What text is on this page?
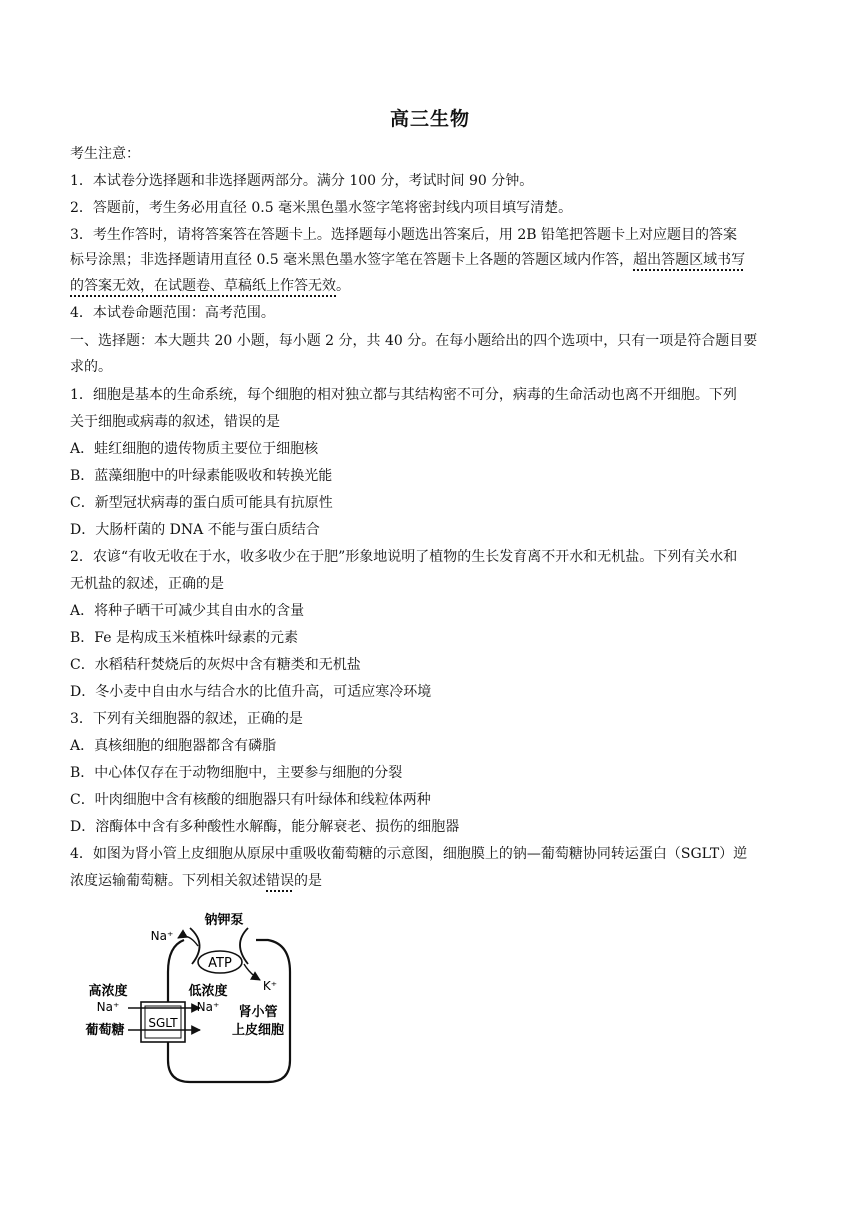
高三生物
考生注意：
1．本试卷分选择题和非选择题两部分。满分 100 分，考试时间 90 分钟。
2．答题前，考生务必用直径 0.5 毫米黑色墨水签字笔将密封线内项目填写清楚。
3．考生作答时，请将答案答在答题卡上。选择题每小题选出答案后，用 2B 铅笔把答题卡上对应题目的答案
标号涂黑；非选择题请用直径 0.5 毫米黑色墨水签字笔在答题卡上各题的答题区域内作答，超出答题区域书写
的答案无效，在试题卷、草稿纸上作答无效。
4．本试卷命题范围：高考范围。
一、选择题：本大题共 20 小题，每小题 2 分，共 40 分。在每小题给出的四个选项中，只有一项是符合题目要
求的。
1．细胞是基本的生命系统，每个细胞的相对独立都与其结构密不可分，病毒的生命活动也离不开细胞。下列
关于细胞或病毒的叙述，错误的是
A．蛙红细胞的遗传物质主要位于细胞核
B．蓝藻细胞中的叶绿素能吸收和转换光能
C．新型冠状病毒的蛋白质可能具有抗原性
D．大肠杆菌的 DNA 不能与蛋白质结合
2．农谚“有收无收在于水，收多收少在于肥”形象地说明了植物的生长发育离不开水和无机盐。下列有关水和
无机盐的叙述，正确的是
A．将种子晒干可减少其自由水的含量
B．Fe 是构成玉米植株叶绿素的元素
C．水稻秸秆焚烧后的灰烬中含有糖类和无机盐
D．冬小麦中自由水与结合水的比值升高，可适应寒冷环境
3．下列有关细胞器的叙述，正确的是
A．真核细胞的细胞器都含有磷脂
B．中心体仅存在于动物细胞中，主要参与细胞的分裂
C．叶肉细胞中含有核酸的细胞器只有叶绿体和线粒体两种
D．溶酶体中含有多种酸性水解酶，能分解衰老、损伤的细胞器
4．如图为肾小管上皮细胞从原尿中重吸收葡萄糖的示意图，细胞膜上的钠—葡萄糖协同转运蛋白（SGLT）逆
浓度运输葡萄糖。下列相关叙述错误的是
ATP
钠钾泵
Na⁺
K⁺
高浓度
Na⁺
葡萄糖 SGLT
低浓度
Na⁺ 肾小管
上皮细胞
